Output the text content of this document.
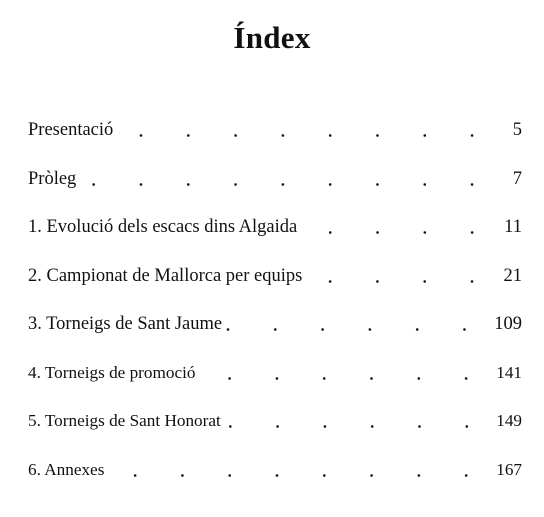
Índex
Presentació	5
Pròleg	7
1. Evolució dels escacs dins Algaida	11
2. Campionat de Mallorca per equips	21
3. Torneigs de Sant Jaume	109
4. Torneigs de promoció	141
5. Torneigs de Sant Honorat	149
6. Annexes	167
